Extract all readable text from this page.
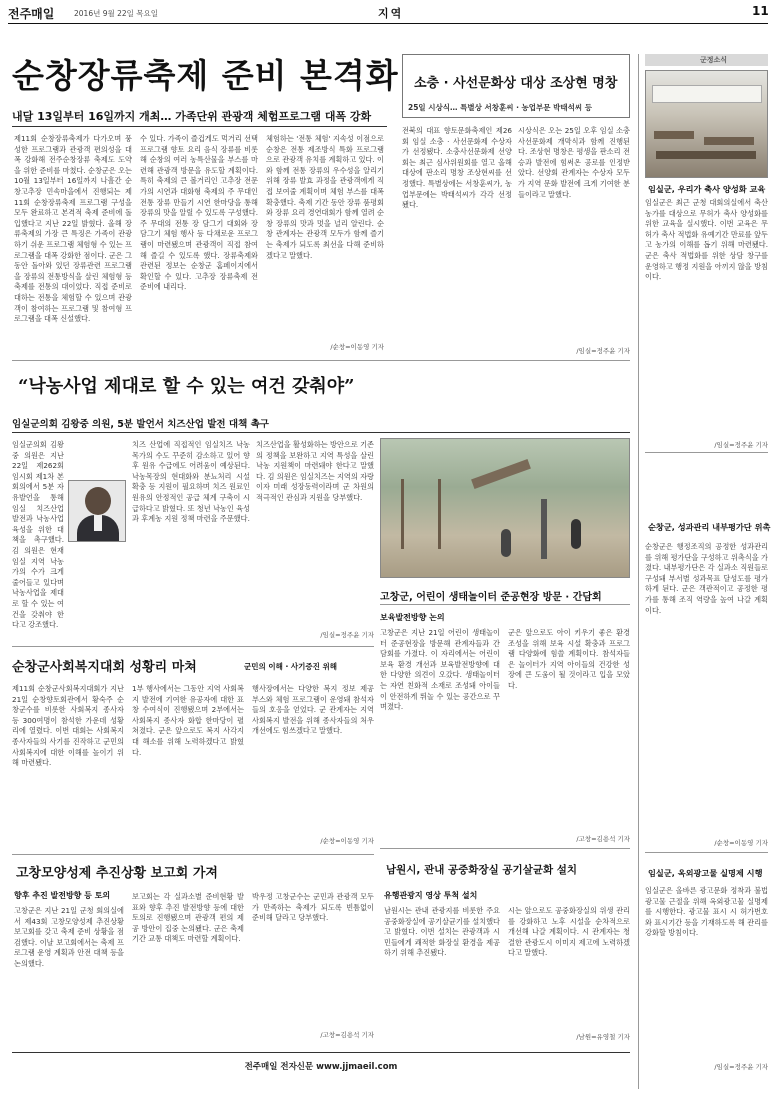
전주매일	2016년 9월 22일 목요일	지역	11
순창장류축제 준비 본격화
내달 13일부터 16일까지 개최… 가족단위 관광객 체험프로그램 대폭 강화
제11회 순창장류축제가 다가오며 풍성한 프로그램과 관광객 편의성을 대폭 강화해 전주순창장류 축제도 도약을 위한 준비를 마쳤다. 순창군은 오는 10월 13일부터 16일까지 나흘간 순창고추장 민속마을에서 진행되는 제11회 순창장류축제 프로그램 구성을 모두 완료하고 본격적 축제 준비에 돌입했다고 지난 22일 밝혔다. 올해 장류축제의 가장 큰 특징은 가족이 관광하기 쉬운 프로그램 체험형 수 있는 프로그램을 대폭 강화한 점이다. 군은 그동안 돌아와 있던 장류관련 프로그램을 장류의 전통방식을 살린 체험형 등 축제를 전통의 대이었다. 직접 준비로 대하는 전통을 체험할 수 있으며 관광객이 참여하는 프로그램 및 참여형 프로그램을 대폭 신설했다.
수 있다. 가족이 즐겁게도 먹거리 선택 프로그램 향토 요리 음식 장류를 비롯해 순창의 여러 농특산물을 부스를 마련해 관광객 방문을 유도할 계획이다. 특히 축제의 큰 볼거리인 고추장 전문가의 시연과 대화형 축제의 주 무대인 전통 장류 만들기 시연 한마당을 통해 장류의 맛을 알릴 수 있도록 구성했다. 주 무대의 전통 장 담그기 대회와 장 담그기 체험 행사 등 다채로운 프로그램이 마련됐으며 관광객이 직접 참여해 즐길 수 있도록 했다. 장류축제와 관련된 정보는 순창군 홈페이지에서 확인할 수 있다. 고추장 장류축제 전 준비에 내리다.
체험하는 '전통 체험' 지속성 이점으로 순창은 전통 제조방식 특화 프로그램으로 관광객 유치를 계획하고 있다. 이와 함께 전통 장류의 우수성을 알리기 위해 장류 발효 과정을 관광객에게 직접 보여줄 계획이며 체험 부스를 대폭 확충했다. 축제 기간 동안 장류 품평회와 장류 요리 경연대회가 함께 열려 순창 장류의 맛과 멋을 널리 알린다. 순창 관계자는 관광객 모두가 함께 즐기는 축제가 되도록 최선을 다해 준비하겠다고 말했다.
/순창=이동영 기자
소충 · 사선문화상 대상 조상현 명창
25일 시상식… 특별상 서창훈씨 · 농업부문 박태석씨 등
전북의 대표 향토문화축제인 제26회 임실 소충 · 사선문화제 수상자가 선정됐다. 소충사선문화제 선양회는 최근 심사위원회를 열고 올해 대상에 판소리 명창 조상현씨를 선정했다. 특별상에는 서창훈씨가, 농업부문에는 박태석씨가 각각 선정됐다.
시상식은 오는 25일 오후 임실 소충사선문화제 개막식과 함께 진행된다. 조상현 명창은 평생을 판소리 전승과 발전에 힘써온 공로를 인정받았다. 선양회 관계자는 수상자 모두가 지역 문화 발전에 크게 기여한 분들이라고 말했다.
/임실=정주윤 기자
군정소식
임실군, 우리가 축사 양성화 교육
임실군은 최근 군청 대회의실에서 축산농가를 대상으로 무허가 축사 양성화를 위한 교육을 실시했다. 이번 교육은 무허가 축사 적법화 유예기간 만료를 앞두고 농가의 이해를 돕기 위해 마련됐다. 군은 축사 적법화를 위한 상담 창구를 운영하고 행정 지원을 아끼지 않을 방침이다.
/임실=정주윤 기자
순창군, 성과관리 내부평가단 위촉
순창군은 행정조직의 공정한 성과관리를 위해 평가단을 구성하고 위촉식을 가졌다. 내부평가단은 각 실과소 직원들로 구성돼 부서별 성과목표 달성도를 평가하게 된다. 군은 객관적이고 공정한 평가를 통해 조직 역량을 높여 나갈 계획이다.
/순창=이동영 기자
임실군, 옥외광고물 실명제 시행
임실군은 올바른 광고문화 정착과 불법 광고물 근절을 위해 옥외광고물 실명제를 시행한다. 광고물 표시 시 허가번호와 표시기간 등을 기재하도록 해 관리를 강화할 방침이다.
/임실=정주윤 기자
“낙농사업 제대로 할 수 있는 여건 갖춰야”
임실군의회 김왕중 의원, 5분 발언서 치즈산업 발전 대책 촉구
임실군의회 김왕중 의원은 지난 22일 제262회 임시회 제1차 본회의에서 5분 자유발언을 통해 임실 치즈산업 발전과 낙농사업 육성을 위한 대책을 촉구했다. 김 의원은 현재 임실 지역 낙농가의 수가 크게 줄어들고 있다며 낙농사업을 제대로 할 수 있는 여건을 갖춰야 한다고 강조했다.
치즈 산업에 직접적인 임실치즈 낙농목가의 수도 꾸준히 감소하고 있어 향후 원유 수급에도 어려움이 예상된다. 낙농목장의 현대화와 분뇨처리 시설 확충 등 지원이 필요하며 치즈 원료인 원유의 안정적인 공급 체계 구축이 시급하다고 밝혔다. 또 청년 낙농인 육성과 후계농 지원 정책 마련을 주문했다.
치즈산업을 활성화하는 방안으로 기존의 정책을 보완하고 지역 특성을 살린 낙농 지원책이 마련돼야 한다고 말했다. 김 의원은 임실치즈는 지역의 자랑이자 미래 성장동력이라며 군 차원의 적극적인 관심과 지원을 당부했다.
/임실=정주윤 기자
고창군, 어린이 생태놀이터 준공현장 방문 · 간담회
보육발전방향 논의
고창군은 지난 21일 어린이 생태놀이터 준공현장을 방문해 관계자들과 간담회를 가졌다. 이 자리에서는 어린이 보육 환경 개선과 보육발전방향에 대한 다양한 의견이 오갔다. 생태놀이터는 자연 친화적 소재로 조성돼 아이들이 안전하게 뛰놀 수 있는 공간으로 꾸며졌다.
군은 앞으로도 아이 키우기 좋은 환경 조성을 위해 보육 시설 확충과 프로그램 다양화에 힘쓸 계획이다. 참석자들은 놀이터가 지역 아이들의 건강한 성장에 큰 도움이 될 것이라고 입을 모았다.
/고창=김용석 기자
순창군사회복지대회 성황리 마쳐	군민의 이해 · 사기증진 위해
제11회 순창군사회복지대회가 지난 21일 순창향토회관에서 황숙주 순창군수를 비롯한 사회복지 종사자 등 300여명이 참석한 가운데 성황리에 열렸다. 이번 대회는 사회복지 종사자들의 사기를 진작하고 군민의 사회복지에 대한 이해를 높이기 위해 마련됐다.
1부 행사에서는 그동안 지역 사회복지 발전에 기여한 유공자에 대한 표창 수여식이 진행됐으며 2부에서는 사회복지 종사자 화합 한마당이 펼쳐졌다. 군은 앞으로도 복지 사각지대 해소를 위해 노력하겠다고 밝혔다.
행사장에서는 다양한 복지 정보 제공 부스와 체험 프로그램이 운영돼 참석자들의 호응을 얻었다. 군 관계자는 지역 사회복지 발전을 위해 종사자들의 처우 개선에도 힘쓰겠다고 말했다.
/순창=이동영 기자
고창모양성제 추진상황 보고회 가져
향후 추진 발전방향 등 토의
고창군은 지난 21일 군청 회의실에서 제43회 고창모양성제 추진상황 보고회를 갖고 축제 준비 상황을 점검했다. 이날 보고회에서는 축제 프로그램 운영 계획과 안전 대책 등을 논의했다.
보고회는 각 실과소별 준비현황 발표와 향후 추진 발전방향 등에 대한 토의로 진행됐으며 관광객 편의 제공 방안이 집중 논의됐다. 군은 축제 기간 교통 대책도 마련할 계획이다.
박우정 고창군수는 군민과 관광객 모두가 만족하는 축제가 되도록 빈틈없이 준비해 달라고 당부했다.
/고창=김용석 기자
남원시, 관내 공중화장실 공기살균화 설치
유행관광지 영상 투척 설치
남원시는 관내 관광지를 비롯한 주요 공중화장실에 공기살균기를 설치했다고 밝혔다. 이번 설치는 관광객과 시민들에게 쾌적한 화장실 환경을 제공하기 위해 추진됐다.
시는 앞으로도 공중화장실의 위생 관리를 강화하고 노후 시설을 순차적으로 개선해 나갈 계획이다. 시 관계자는 청결한 관광도시 이미지 제고에 노력하겠다고 말했다.
/남원=유영철 기자
전주매일 전자신문 www.jjmaeil.com
